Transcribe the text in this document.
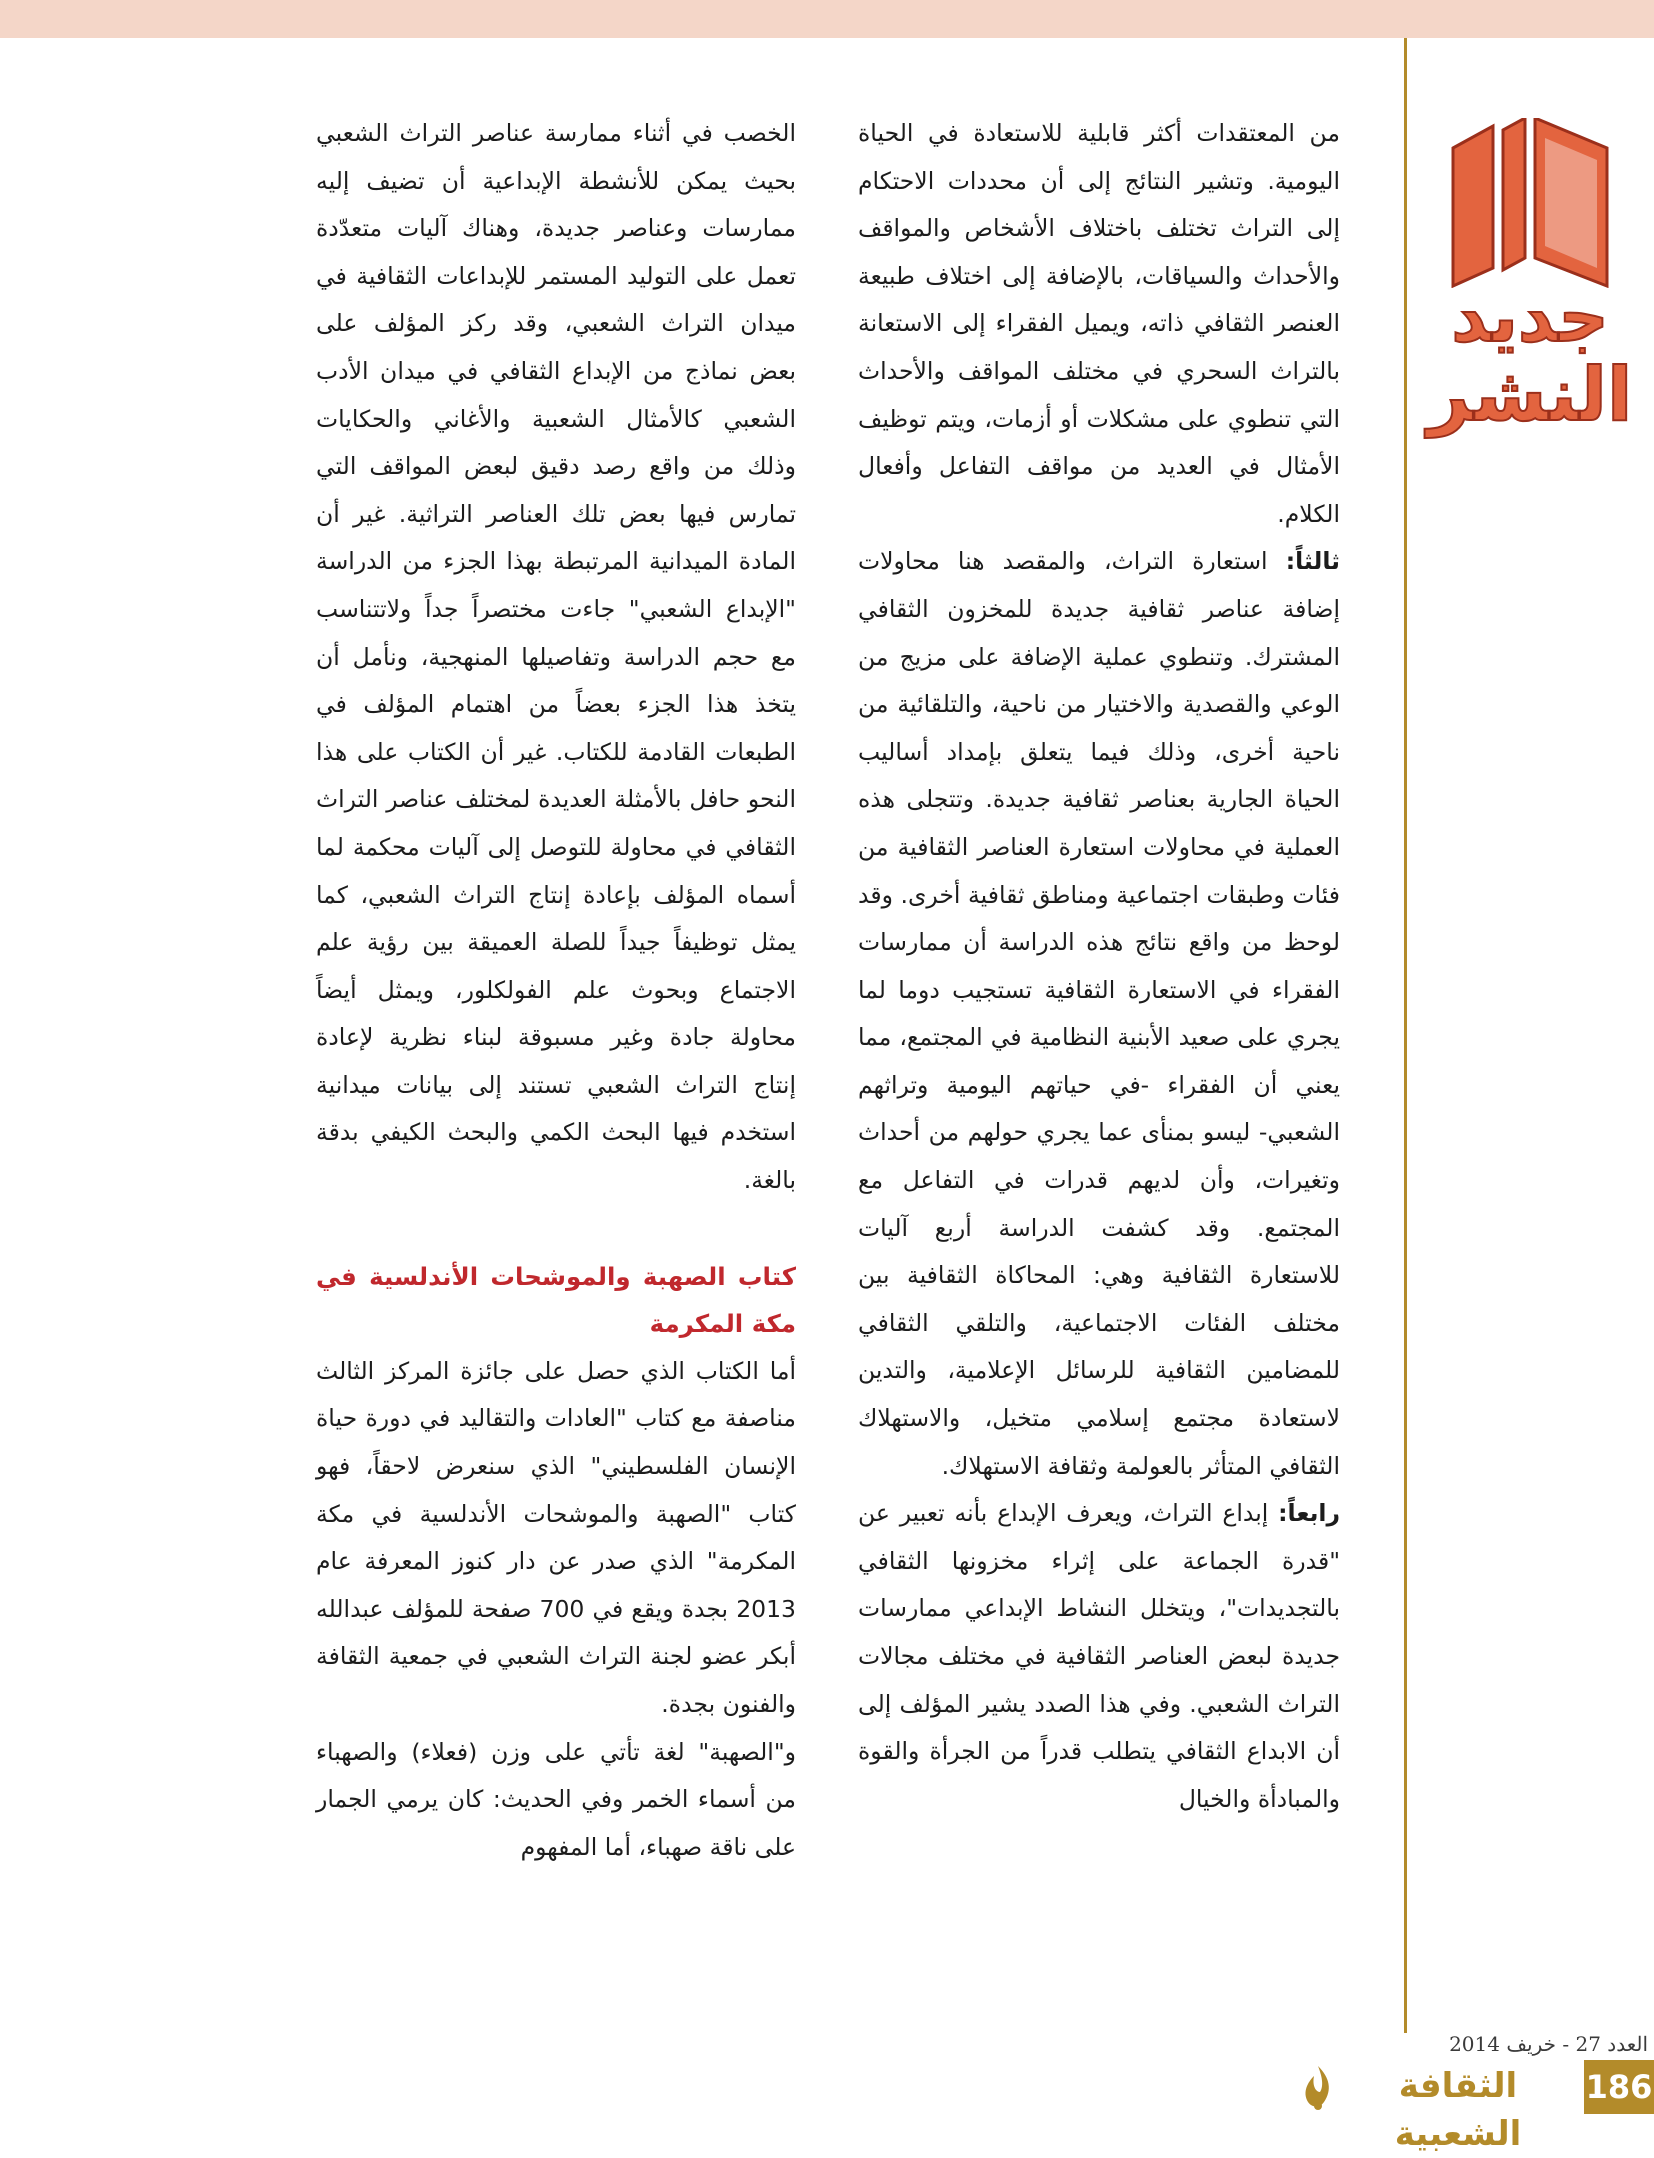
جديد
النشر

من المعتقدات أكثر قابلية للاستعادة في الحياة اليومية. وتشير النتائج إلى أن محددات الاحتكام إلى التراث تختلف باختلاف الأشخاص والمواقف والأحداث والسياقات، بالإضافة إلى اختلاف طبيعة العنصر الثقافي ذاته، ويميل الفقراء إلى الاستعانة بالتراث السحري في مختلف المواقف والأحداث التي تنطوي على مشكلات أو أزمات، ويتم توظيف الأمثال في العديد من مواقف التفاعل وأفعال الكلام.

ثالثاً: استعارة التراث، والمقصد هنا محاولات إضافة عناصر ثقافية جديدة للمخزون الثقافي المشترك. وتنطوي عملية الإضافة على مزيج من الوعي والقصدية والاختيار من ناحية، والتلقائية من ناحية أخرى، وذلك فيما يتعلق بإمداد أساليب الحياة الجارية بعناصر ثقافية جديدة. وتتجلى هذه العملية في محاولات استعارة العناصر الثقافية من فئات وطبقات اجتماعية ومناطق ثقافية أخرى. وقد لوحظ من واقع نتائج هذه الدراسة أن ممارسات الفقراء في الاستعارة الثقافية تستجيب دوما لما يجري على صعيد الأبنية النظامية في المجتمع، مما يعني أن الفقراء -في حياتهم اليومية وتراثهم الشعبي- ليسو بمنأى عما يجري حولهم من أحداث وتغيرات، وأن لديهم قدرات في التفاعل مع المجتمع. وقد كشفت الدراسة أربع آليات للاستعارة الثقافية وهي: المحاكاة الثقافية بين مختلف الفئات الاجتماعية، والتلقي الثقافي للمضامين الثقافية للرسائل الإعلامية، والتدين لاستعادة مجتمع إسلامي متخيل، والاستهلاك الثقافي المتأثر بالعولمة وثقافة الاستهلاك.

رابعاً: إبداع التراث، ويعرف الإبداع بأنه تعبير عن "قدرة الجماعة على إثراء مخزونها الثقافي بالتجديدات"، ويتخلل النشاط الإبداعي ممارسات جديدة لبعض العناصر الثقافية في مختلف مجالات التراث الشعبي. وفي هذا الصدد يشير المؤلف إلى أن الابداع الثقافي يتطلب قدراً من الجرأة والقوة والمبادأة والخيال

الخصب في أثناء ممارسة عناصر التراث الشعبي بحيث يمكن للأنشطة الإبداعية أن تضيف إليه ممارسات وعناصر جديدة، وهناك آليات متعدّدة تعمل على التوليد المستمر للإبداعات الثقافية في ميدان التراث الشعبي، وقد ركز المؤلف على بعض نماذج من الإبداع الثقافي في ميدان الأدب الشعبي كالأمثال الشعبية والأغاني والحكايات وذلك من واقع رصد دقيق لبعض المواقف التي تمارس فيها بعض تلك العناصر التراثية. غير أن المادة الميدانية المرتبطة بهذا الجزء من الدراسة "الإبداع الشعبي" جاءت مختصراً جداً ولاتتناسب مع حجم الدراسة وتفاصيلها المنهجية، ونأمل أن يتخذ هذا الجزء بعضاً من اهتمام المؤلف في الطبعات القادمة للكتاب. غير أن الكتاب على هذا النحو حافل بالأمثلة العديدة لمختلف عناصر التراث الثقافي في محاولة للتوصل إلى آليات محكمة لما أسماه المؤلف بإعادة إنتاج التراث الشعبي، كما يمثل توظيفاً جيداً للصلة العميقة بين رؤية علم الاجتماع وبحوث علم الفولكلور، ويمثل أيضاً محاولة جادة وغير مسبوقة لبناء نظرية لإعادة إنتاج التراث الشعبي تستند إلى بيانات ميدانية استخدم فيها البحث الكمي والبحث الكيفي بدقة بالغة.

كتاب الصهبة والموشحات الأندلسية في مكة المكرمة

أما الكتاب الذي حصل على جائزة المركز الثالث مناصفة مع كتاب "العادات والتقاليد في دورة حياة الإنسان الفلسطيني" الذي سنعرض لاحقاً، فهو كتاب "الصهبة والموشحات الأندلسية في مكة المكرمة" الذي صدر عن دار كنوز المعرفة عام 2013 بجدة ويقع في 700 صفحة للمؤلف عبدالله أبكر عضو لجنة التراث الشعبي في جمعية الثقافة والفنون بجدة.

و"الصهبة" لغة تأتي على وزن (فعلاء) والصهباء من أسماء الخمر وفي الحديث: كان يرمي الجمار على ناقة صهباء، أما المفهوم

العدد 27 - خريف 2014
الثقافة الشعبية
186
